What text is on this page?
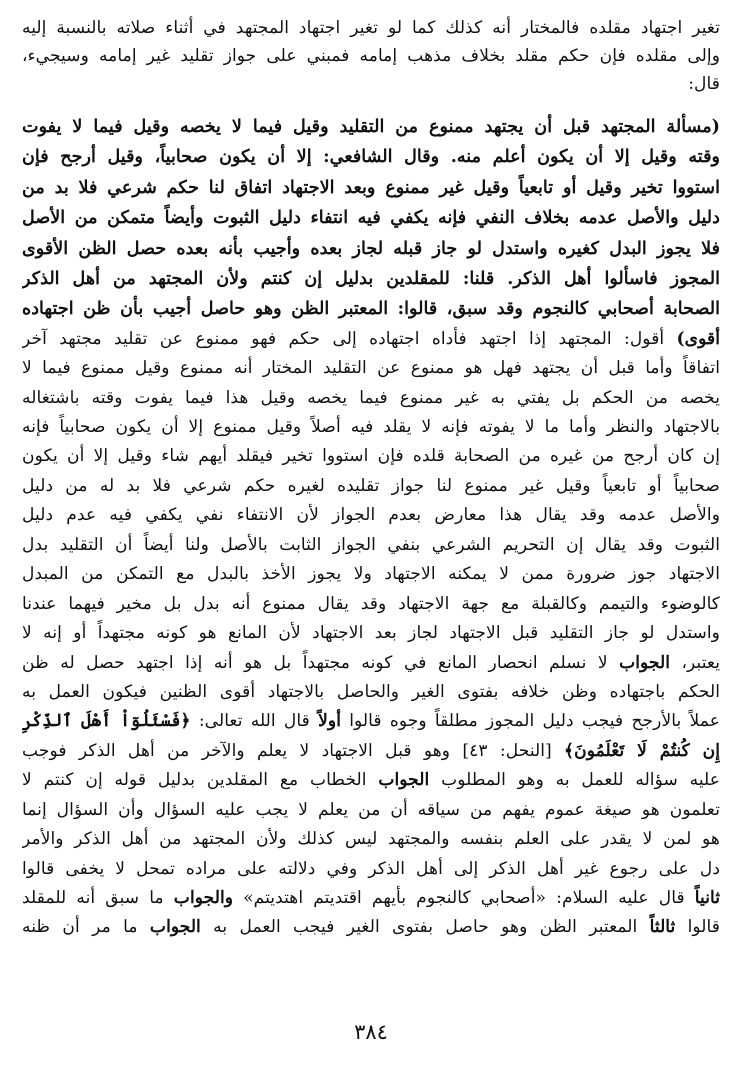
تغير اجتهاد مقلده فالمختار أنه كذلك كما لو تغير اجتهاد المجتهد في أثناء صلاته بالنسبة إليه
وإلى مقلده فإن حكم مقلد بخلاف مذهب إمامه فمبني على جواز تقليد غير إمامه وسيجيء،
قال:
(مسألة المجتهد قبل أن يجتهد ممنوع من التقليد وقيل فيما لا يخصه وقيل فيما لا يفوت
وقته وقيل إلا أن يكون أعلم منه. وقال الشافعي: إلا أن يكون صحابياً، وقيل أرجح فإن
استووا تخير وقيل أو تابعياً وقيل غير ممنوع وبعد الاجتهاد اتفاق لنا حكم شرعي فلا بد من
دليل والأصل عدمه بخلاف النفي فإنه يكفي فيه انتفاء دليل الثبوت وأيضاً متمكن من الأصل
فلا يجوز البدل كغيره واستدل لو جاز قبله لجاز بعده وأجيب بأنه بعده حصل الظن الأقوى
المجوز فاسألوا أهل الذكر. قلنا: للمقلدين بدليل إن كنتم ولأن المجتهد من أهل الذكر
الصحابة أصحابي كالنجوم وقد سبق، قالوا: المعتبر الظن وهو حاصل أجيب بأن ظن اجتهاده
أقوى) أقول: المجتهد إذا اجتهد فأداه اجتهاده إلى حكم فهو ممنوع عن تقليد مجتهد آخر
اتفاقاً وأما قبل أن يجتهد فهل هو ممنوع عن التقليد المختار أنه ممنوع وقيل ممنوع فيما لا
يخصه من الحكم بل يفتي به غير ممنوع فيما يخصه وقيل هذا فيما يفوت وقته باشتغاله
بالاجتهاد والنظر وأما ما لا يفوته فإنه لا يقلد فيه أصلاً وقيل ممنوع إلا أن يكون صحابياً فإنه
إن كان أرجح من غيره من الصحابة قلده فإن استووا تخير فيقلد أيهم شاء وقيل إلا أن يكون
صحابياً أو تابعياً وقيل غير ممنوع لنا جواز تقليده لغيره حكم شرعي فلا بد له من دليل
والأصل عدمه وقد يقال هذا معارض بعدم الجواز لأن الانتفاء نفي يكفي فيه عدم دليل
الثبوت وقد يقال إن التحريم الشرعي بنفي الجواز الثابت بالأصل ولنا أيضاً أن التقليد بدل
الاجتهاد جوز ضرورة ممن لا يمكنه الاجتهاد ولا يجوز الأخذ بالبدل مع التمكن من المبدل
كالوضوء والتيمم وكالقبلة مع جهة الاجتهاد وقد يقال ممنوع أنه بدل بل مخير فيهما عندنا
واستدل لو جاز التقليد قبل الاجتهاد لجاز بعد الاجتهاد لأن المانع هو كونه مجتهداً أو إنه لا
يعتبر، الجواب لا نسلم انحصار المانع في كونه مجتهداً بل هو أنه إذا اجتهد حصل له ظن
الحكم باجتهاده وظن خلافه بفتوى الغير والحاصل بالاجتهاد أقوى الظنين فيكون العمل به
عملاً بالأرجح فيجب دليل المجوز مطلقاً وجوه قالوا أولاً قال الله تعالى: ﴿فَسْئَلُوٓاْ أَهْلَ ٱلذِّكْرِ
إِن كُنتُمْ لَا تَعْلَمُونَ﴾ [النحل: ٤٣] وهو قبل الاجتهاد لا يعلم والآخر من أهل الذكر فوجب
عليه سؤاله للعمل به وهو المطلوب الجواب الخطاب مع المقلدين بدليل قوله إن كنتم لا
تعلمون هو صيغة عموم يفهم من سياقه أن من يعلم لا يجب عليه السؤال وأن السؤال إنما
هو لمن لا يقدر على العلم بنفسه والمجتهد ليس كذلك ولأن المجتهد من أهل الذكر والأمر
دل على رجوع غير أهل الذكر إلى أهل الذكر وفي دلالته على مراده تمحل لا يخفى قالوا
ثانياً قال عليه السلام: «أصحابي كالنجوم بأيهم اقتديتم اهتديتم» والجواب ما سبق أنه للمقلد
قالوا ثالثاً المعتبر الظن وهو حاصل بفتوى الغير فيجب العمل به الجواب ما مر أن ظنه
٣٨٤
